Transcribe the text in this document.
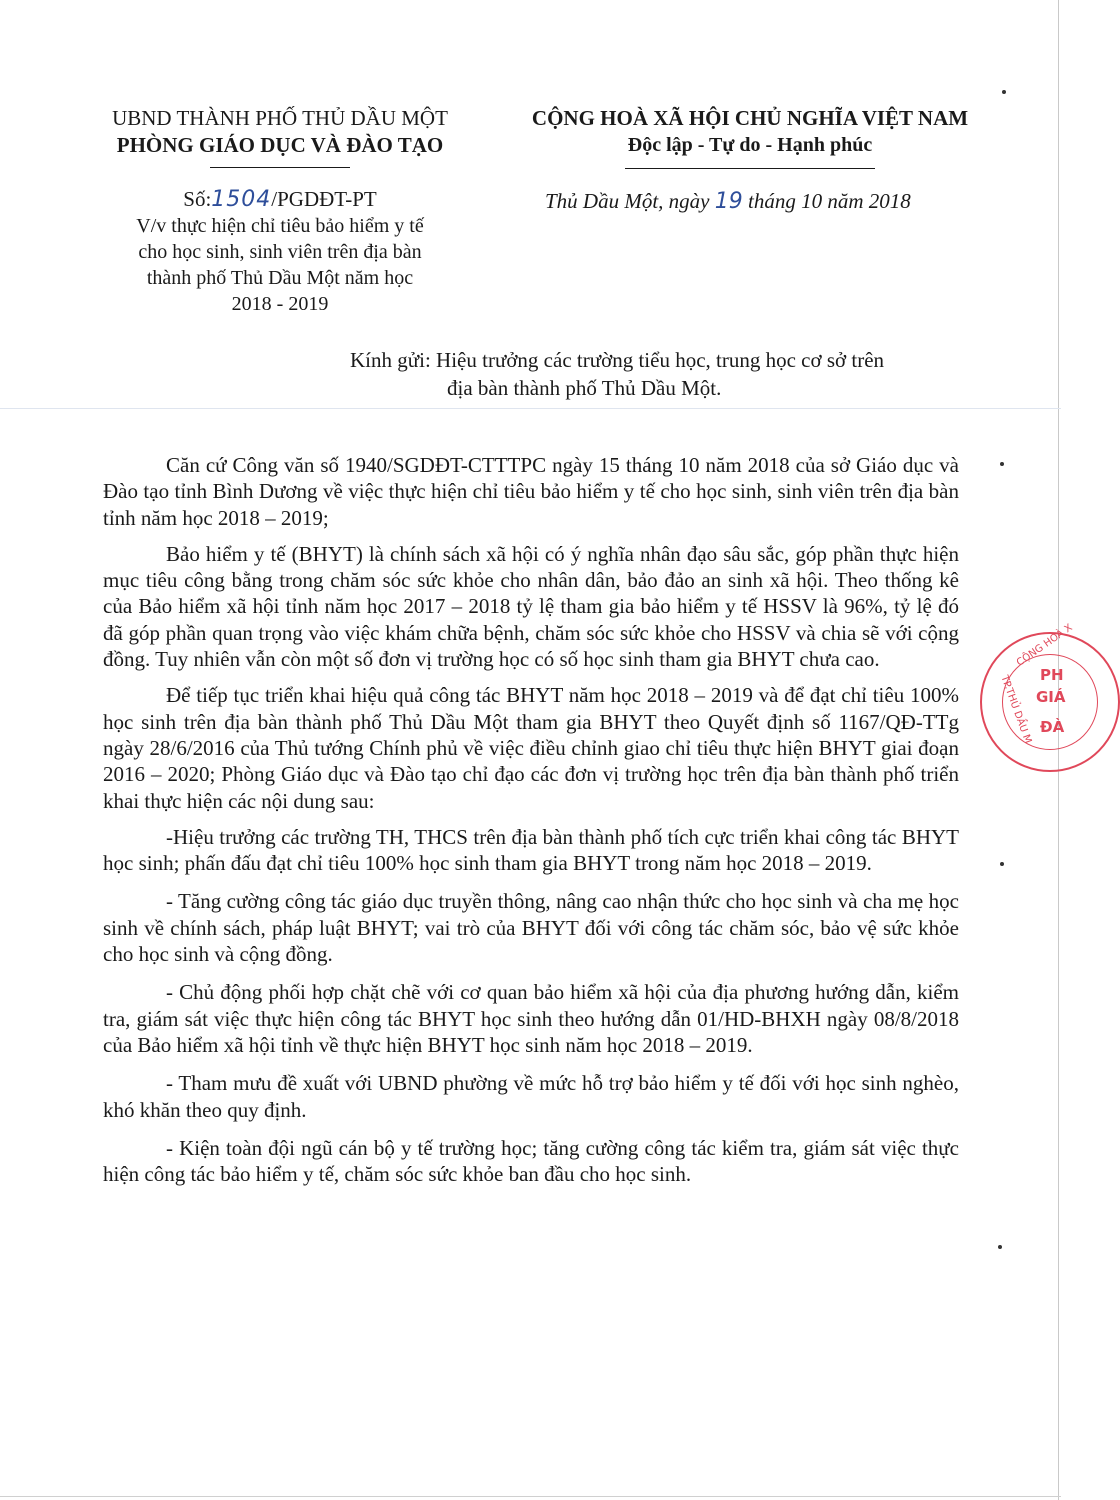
UBND THÀNH PHỐ THỦ DẦU MỘT
PHÒNG GIÁO DỤC VÀ ĐÀO TẠO
CỘNG HOÀ XÃ HỘI CHỦ NGHĨA VIỆT NAM
Độc lập - Tự do - Hạnh phúc
Số:1504/PGDĐT-PT
V/v thực hiện chỉ tiêu bảo hiểm y tế
cho học sinh, sinh viên trên địa bàn
thành phố Thủ Dầu Một năm học
2018 - 2019
Thủ Dầu Một, ngày 19 tháng 10 năm 2018
Kính gửi: Hiệu trưởng các trường tiểu học, trung học cơ sở trên
địa bàn thành phố Thủ Dầu Một.

Căn cứ Công văn số 1940/SGDĐT-CTTTPC ngày 15 tháng 10 năm 2018 của sở Giáo dục và Đào tạo tỉnh Bình Dương về việc thực hiện chỉ tiêu bảo hiểm y tế cho học sinh, sinh viên trên địa bàn tỉnh năm học 2018 – 2019;

Bảo hiểm y tế (BHYT) là chính sách xã hội có ý nghĩa nhân đạo sâu sắc, góp phần thực hiện mục tiêu công bằng trong chăm sóc sức khỏe cho nhân dân, bảo đảo an sinh xã hội. Theo thống kê của Bảo hiểm xã hội tỉnh năm học 2017 – 2018 tỷ lệ tham gia bảo hiểm y tế HSSV là 96%, tỷ lệ đó đã góp phần quan trọng vào việc khám chữa bệnh, chăm sóc sức khỏe cho HSSV và chia sẽ với cộng đồng. Tuy nhiên vẫn còn một số đơn vị trường học có số học sinh tham gia BHYT chưa cao.

Để tiếp tục triển khai hiệu quả công tác BHYT năm học 2018 – 2019 và để đạt chỉ tiêu 100% học sinh trên địa bàn thành phố Thủ Dầu Một tham gia BHYT theo Quyết định số 1167/QĐ-TTg ngày 28/6/2016 của Thủ tướng Chính phủ về việc điều chỉnh giao chỉ tiêu thực hiện BHYT giai đoạn 2016 – 2020; Phòng Giáo dục và Đào tạo chỉ đạo các đơn vị trường học trên địa bàn thành phố triển khai thực hiện các nội dung sau:

-Hiệu trưởng các trường TH, THCS trên địa bàn thành phố tích cực triển khai công tác BHYT học sinh; phấn đấu đạt chỉ tiêu 100% học sinh tham gia BHYT trong năm học 2018 – 2019.

- Tăng cường công tác giáo dục truyền thông, nâng cao nhận thức cho học sinh và cha mẹ học sinh về chính sách, pháp luật BHYT; vai trò của BHYT đối với công tác chăm sóc, bảo vệ sức khỏe cho học sinh và cộng đồng.

- Chủ động phối hợp chặt chẽ với cơ quan bảo hiểm xã hội của địa phương hướng dẫn, kiểm tra, giám sát việc thực hiện công tác BHYT học sinh theo hướng dẫn 01/HD-BHXH ngày 08/8/2018 của Bảo hiểm xã hội tỉnh về thực hiện BHYT học sinh năm học 2018 – 2019.

- Tham mưu đề xuất với UBND phường về mức hỗ trợ bảo hiểm y tế đối với học sinh nghèo, khó khăn theo quy định.

- Kiện toàn đội ngũ cán bộ y tế trường học; tăng cường công tác kiểm tra, giám sát việc thực hiện công tác bảo hiểm y tế, chăm sóc sức khỏe ban đầu cho học sinh.

CỘNG HOÀ X
TP.THỦ DẦU M PH
GIÁ
ĐÀ
